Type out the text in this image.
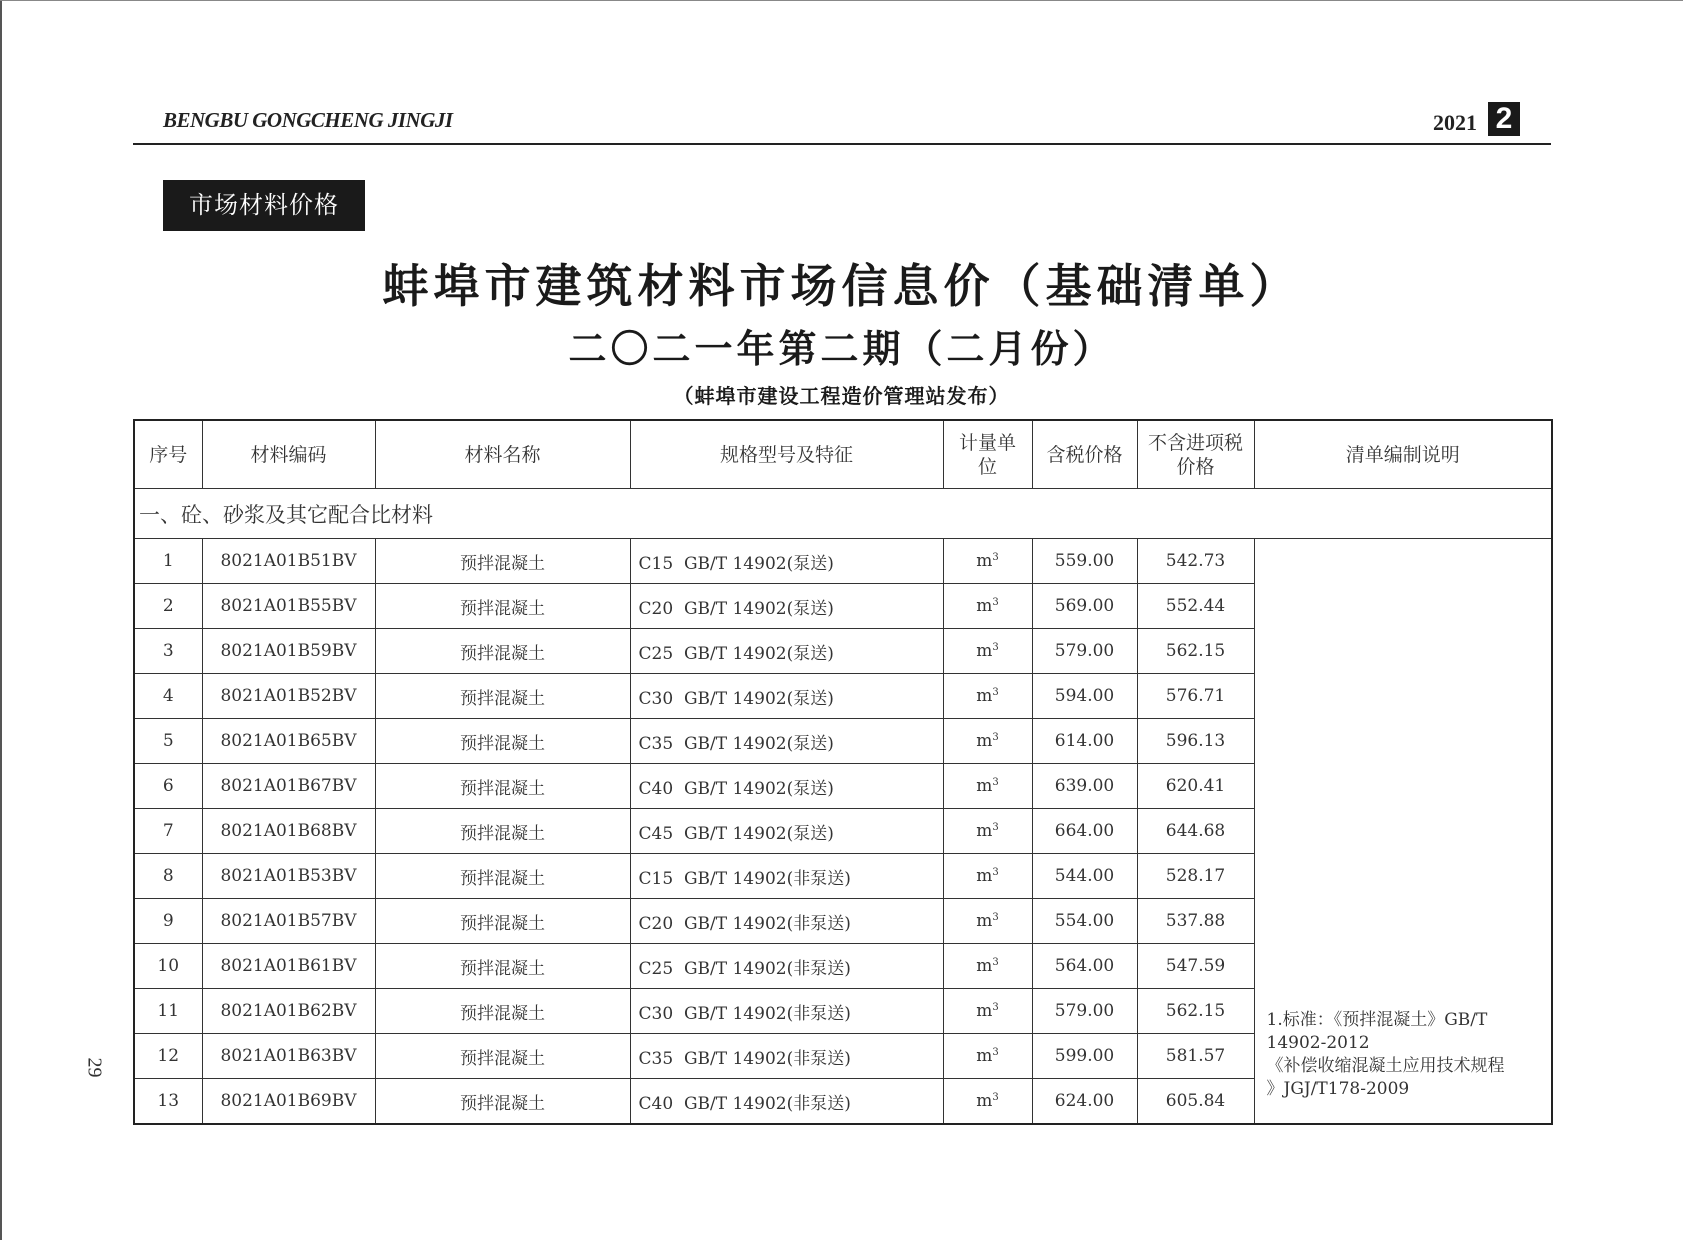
BENGBU GONGCHENG JINGJI	2021 2
市场材料价格
蚌埠市建筑材料市场信息价（基础清单）
二〇二一年第二期（二月份）
（蚌埠市建设工程造价管理站发布）
29
序号	材料编码	材料名称	规格型号及特征	计量单
位	含税价格	不含进项税
价格	清单编制说明
一、砼、砂浆及其它配合比材料							
1	8021A01B51BV	预拌混凝土	C15  GB/T 14902(泵送)	$m^3$	559.00	542.73	1.标准：《预拌混凝土》GB/T
14902-2012
《补偿收缩混凝土应用技术规程
》JGJ/T178-2009

2	8021A01B55BV	预拌混凝土	C20  GB/T 14902(泵送)	$m^3$	569.00	552.44	
3	8021A01B59BV	预拌混凝土	C25  GB/T 14902(泵送)	$m^3$	579.00	562.15	
4	8021A01B52BV	预拌混凝土	C30  GB/T 14902(泵送)	$m^3$	594.00	576.71	
5	8021A01B65BV	预拌混凝土	C35  GB/T 14902(泵送)	$m^3$	614.00	596.13	
6	8021A01B67BV	预拌混凝土	C40  GB/T 14902(泵送)	$m^3$	639.00	620.41	
7	8021A01B68BV	预拌混凝土	C45  GB/T 14902(泵送)	$m^3$	664.00	644.68	
8	8021A01B53BV	预拌混凝土	C15  GB/T 14902(非泵送)	$m^3$	544.00	528.17	
9	8021A01B57BV	预拌混凝土	C20  GB/T 14902(非泵送)	$m^3$	554.00	537.88	
10	8021A01B61BV	预拌混凝土	C25  GB/T 14902(非泵送)	$m^3$	564.00	547.59	
11	8021A01B62BV	预拌混凝土	C30  GB/T 14902(非泵送)	$m^3$	579.00	562.15	
12	8021A01B63BV	预拌混凝土	C35  GB/T 14902(非泵送)	$m^3$	599.00	581.57	
13	8021A01B69BV	预拌混凝土	C40  GB/T 14902(非泵送)	$m^3$	624.00	605.84	
